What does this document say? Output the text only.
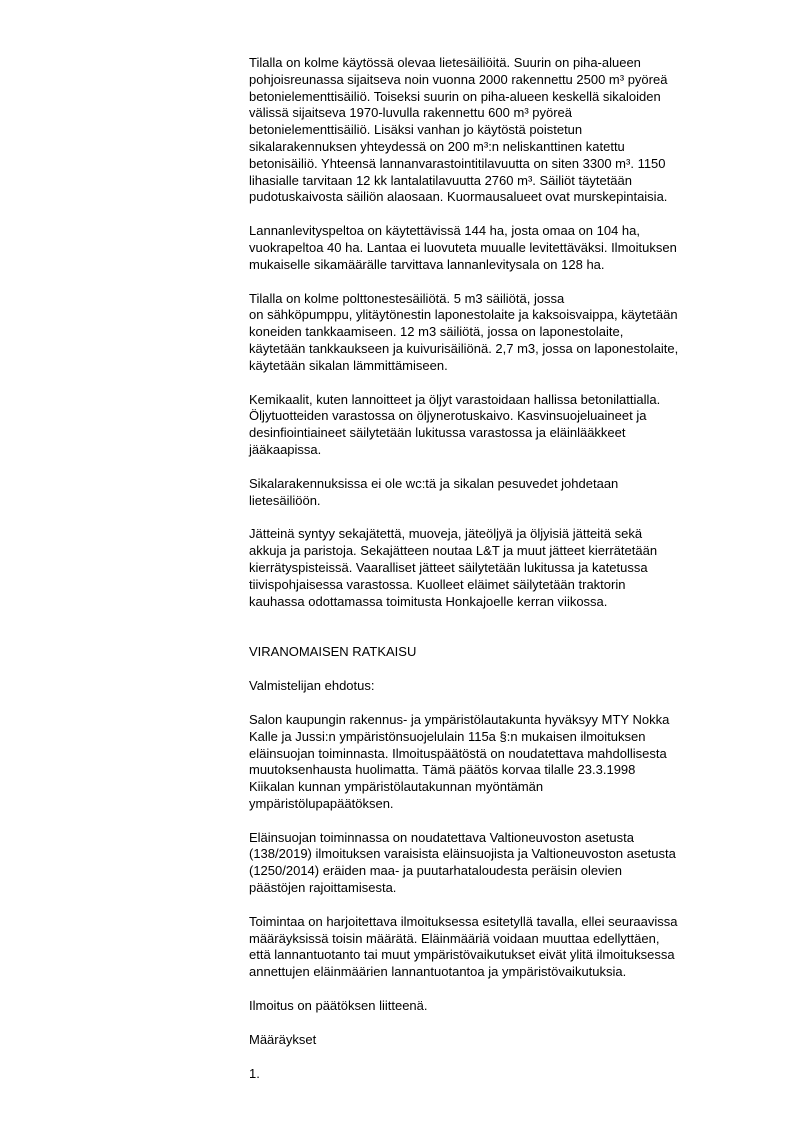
Tilalla on kolme käytössä olevaa lietesäiliöitä. Suurin on piha-alueen
pohjoisreunassa sijaitseva noin vuonna 2000 rakennettu 2500 m³ pyöreä
betonielementtisäiliö. Toiseksi suurin on piha-alueen keskellä sikaloiden
välissä sijaitseva 1970-luvulla rakennettu 600 m³ pyöreä
betonielementtisäiliö. Lisäksi vanhan jo käytöstä poistetun
sikalarakennuksen yhteydessä on 200 m³:n neliskanttinen katettu
betonisäiliö. Yhteensä lannanvarastointitilavuutta on siten 3300 m³. 1150
lihasialle tarvitaan 12 kk lantalatilavuutta 2760 m³. Säiliöt täytetään
pudotuskaivosta säiliön alaosaan. Kuormausalueet ovat murskepintaisia.

Lannanlevityspeltoa on käytettävissä 144 ha, josta omaa on 104 ha,
vuokrapeltoa 40 ha. Lantaa ei luovuteta muualle levitettäväksi. Ilmoituksen
mukaiselle sikamäärälle tarvittava lannanlevitysala on 128 ha.

Tilalla on kolme polttonestesäiliötä. 5 m3 säiliötä, jossa
on sähköpumppu, ylitäytönestin laponestolaite ja kaksoisvaippa, käytetään
koneiden tankkaamiseen. 12 m3 säiliötä, jossa on laponestolaite,
käytetään tankkaukseen ja kuivurisäiliönä. 2,7 m3, jossa on laponestolaite,
käytetään sikalan lämmittämiseen.

Kemikaalit, kuten lannoitteet ja öljyt varastoidaan hallissa betonilattialla.
Öljytuotteiden varastossa on öljynerotuskaivo. Kasvinsuojeluaineet ja
desinfiointiaineet säilytetään lukitussa varastossa ja eläinlääkkeet
jääkaapissa.

Sikalarakennuksissa ei ole wc:tä ja sikalan pesuvedet johdetaan
lietesäiliöön.

Jätteinä syntyy sekajätettä, muoveja, jäteöljyä ja öljyisiä jätteitä sekä
akkuja ja paristoja. Sekajätteen noutaa L&T ja muut jätteet kierrätetään
kierrätyspisteissä. Vaaralliset jätteet säilytetään lukitussa ja katetussa
tiivispohjaisessa varastossa. Kuolleet eläimet säilytetään traktorin
kauhassa odottamassa toimitusta Honkajoelle kerran viikossa.

VIRANOMAISEN RATKAISU

Valmistelijan ehdotus:

Salon kaupungin rakennus- ja ympäristölautakunta hyväksyy MTY Nokka
Kalle ja Jussi:n ympäristönsuojelulain 115a §:n mukaisen ilmoituksen
eläinsuojan toiminnasta. Ilmoituspäätöstä on noudatettava mahdollisesta
muutoksenhausta huolimatta. Tämä päätös korvaa tilalle 23.3.1998
Kiikalan kunnan ympäristölautakunnan myöntämän
ympäristölupapäätöksen.

Eläinsuojan toiminnassa on noudatettava Valtioneuvoston asetusta
(138/2019) ilmoituksen varaisista eläinsuojista ja Valtioneuvoston asetusta
(1250/2014) eräiden maa- ja puutarhataloudesta peräisin olevien
päästöjen rajoittamisesta.

Toimintaa on harjoitettava ilmoituksessa esitetyllä tavalla, ellei seuraavissa
määräyksissä toisin määrätä. Eläinmääriä voidaan muuttaa edellyttäen,
että lannantuotanto tai muut ympäristövaikutukset eivät ylitä ilmoituksessa
annettujen eläinmäärien lannantuotantoa ja ympäristövaikutuksia.

Ilmoitus on päätöksen liitteenä.

Määräykset

1.
